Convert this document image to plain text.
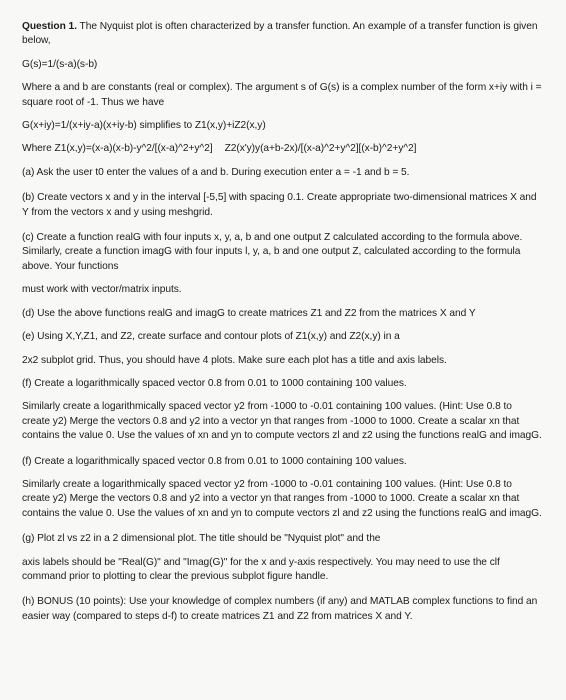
Question 1. The Nyquist plot is often characterized by a transfer function. An example of a transfer function is given below,

G(s)=1/(s-a)(s-b)

Where a and b are constants (real or complex). The argument s of G(s) is a complex number of the form x+iy with i = square root of -1. Thus we have

G(x+iy)=1/(x+iy-a)(x+iy-b) simplifies to Z1(x,y)+iZ2(x,y)

Where Z1(x,y)=(x-a)(x-b)-y^2/[(x-a)^2+y^2] Z2(x'y)y(a+b-2x)/[(x-a)^2+y^2][(x-b)^2+y^2]

(a) Ask the user t0 enter the values of a and b. During execution enter a = -1 and b = 5.

(b) Create vectors x and y in the interval [-5,5] with spacing 0.1. Create appropriate two-dimensional matrices X and Y from the vectors x and y using meshgrid.

(c) Create a function realG with four inputs x, y, a, b and one output Z calculated according to the formula above. Similarly, create a function imagG with four inputs l, y, a, b and one output Z, calculated according to the formula above. Your functions

must work with vector/matrix inputs.

(d) Use the above functions realG and imagG to create matrices Z1 and Z2 from the matrices X and Y

(e) Using X,Y,Z1, and Z2, create surface and contour plots of Z1(x,y) and Z2(x,y) in a

2x2 subplot grid. Thus, you should have 4 plots. Make sure each plot has a title and axis labels.

(f) Create a logarithmically spaced vector 0.8 from 0.01 to 1000 containing 100 values.

Similarly create a logarithmically spaced vector y2 from -1000 to -0.01 containing 100 values. (Hint: Use 0.8 to create y2) Merge the vectors 0.8 and y2 into a vector yn that ranges from -1000 to 1000. Create a scalar xn that contains the value 0. Use the values of xn and yn to compute vectors zl and z2 using the functions realG and imagG.

(f) Create a logarithmically spaced vector 0.8 from 0.01 to 1000 containing 100 values.

Similarly create a logarithmically spaced vector y2 from -1000 to -0.01 containing 100 values. (Hint: Use 0.8 to create y2) Merge the vectors 0.8 and y2 into a vector yn that ranges from -1000 to 1000. Create a scalar xn that contains the value 0. Use the values of xn and yn to compute vectors zl and z2 using the functions realG and imagG.

(g) Plot zl vs z2 in a 2 dimensional plot. The title should be "Nyquist plot" and the

axis labels should be "Real(G)" and "Imag(G)" for the x and y-axis respectively. You may need to use the clf command prior to plotting to clear the previous subplot figure handle.

(h) BONUS (10 points): Use your knowledge of complex numbers (if any) and MATLAB complex functions to find an easier way (compared to steps d-f) to create matrices Z1 and Z2 from matrices X and Y.
